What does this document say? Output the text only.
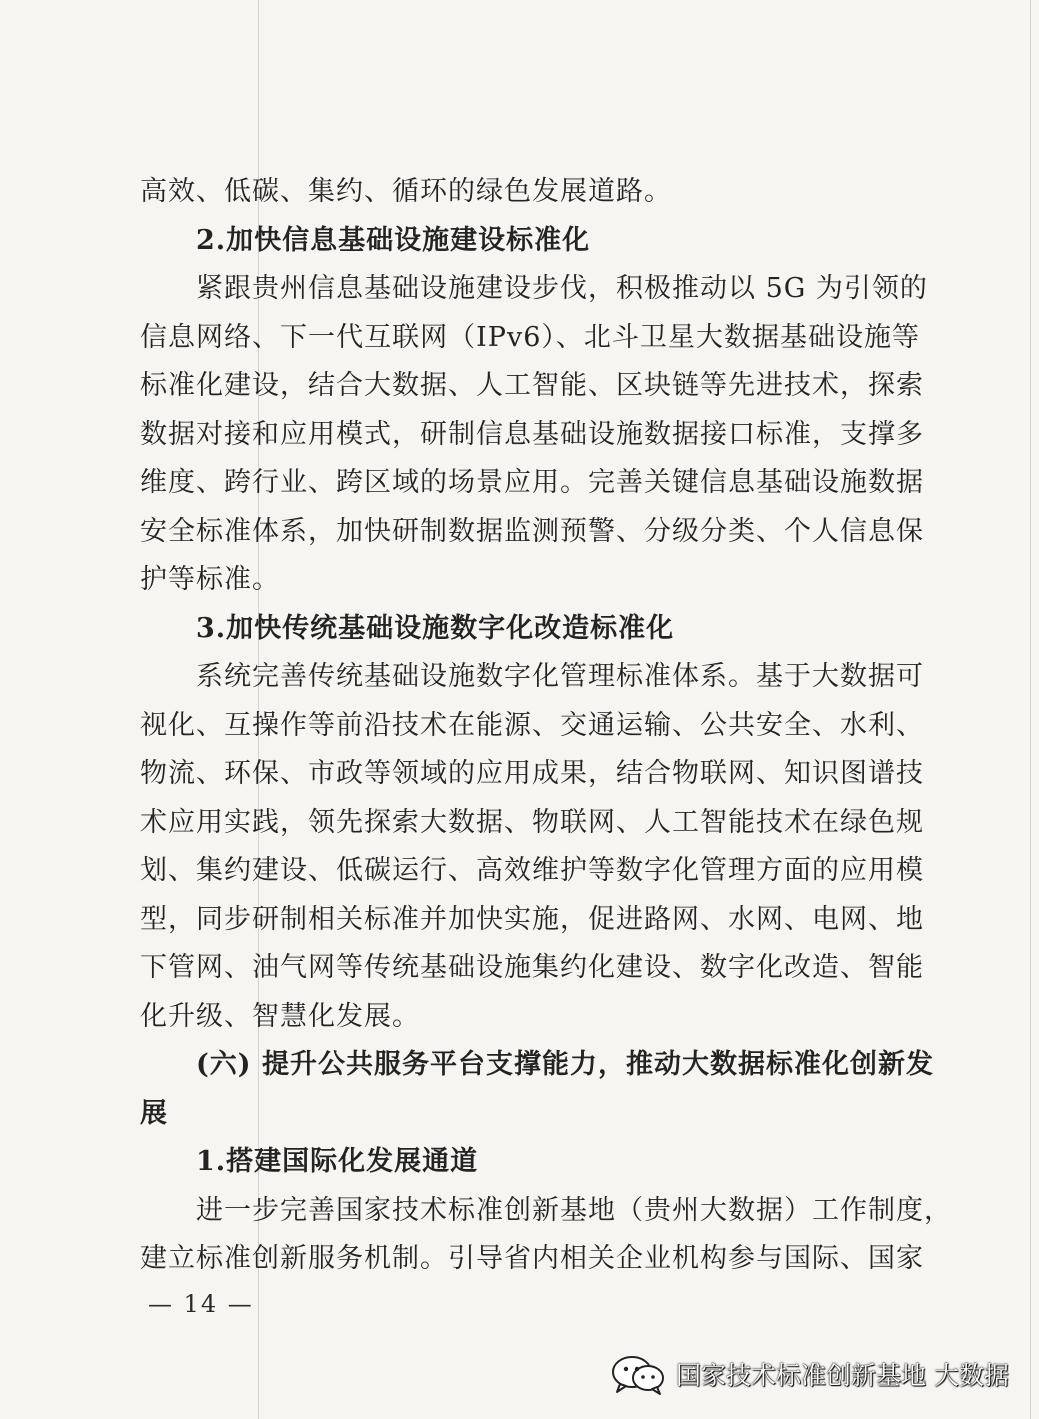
高效、低碳、集约、循环的绿色发展道路。
2.加快信息基础设施建设标准化
紧跟贵州信息基础设施建设步伐，积极推动以 5G 为引领的
信息网络、下一代互联网（IPv6）、北斗卫星大数据基础设施等
标准化建设，结合大数据、人工智能、区块链等先进技术，探索
数据对接和应用模式，研制信息基础设施数据接口标准，支撑多
维度、跨行业、跨区域的场景应用。完善关键信息基础设施数据
安全标准体系，加快研制数据监测预警、分级分类、个人信息保
护等标准。
3.加快传统基础设施数字化改造标准化
系统完善传统基础设施数字化管理标准体系。基于大数据可
视化、互操作等前沿技术在能源、交通运输、公共安全、水利、
物流、环保、市政等领域的应用成果，结合物联网、知识图谱技
术应用实践，领先探索大数据、物联网、人工智能技术在绿色规
划、集约建设、低碳运行、高效维护等数字化管理方面的应用模
型，同步研制相关标准并加快实施，促进路网、水网、电网、地
下管网、油气网等传统基础设施集约化建设、数字化改造、智能
化升级、智慧化发展。
(六) 提升公共服务平台支撑能力，推动大数据标准化创新发
展
1.搭建国际化发展通道
进一步完善国家技术标准创新基地（贵州大数据）工作制度，
建立标准创新服务机制。引导省内相关企业机构参与国际、国家
— 14 —
国家技术标准创新基地 大数据
